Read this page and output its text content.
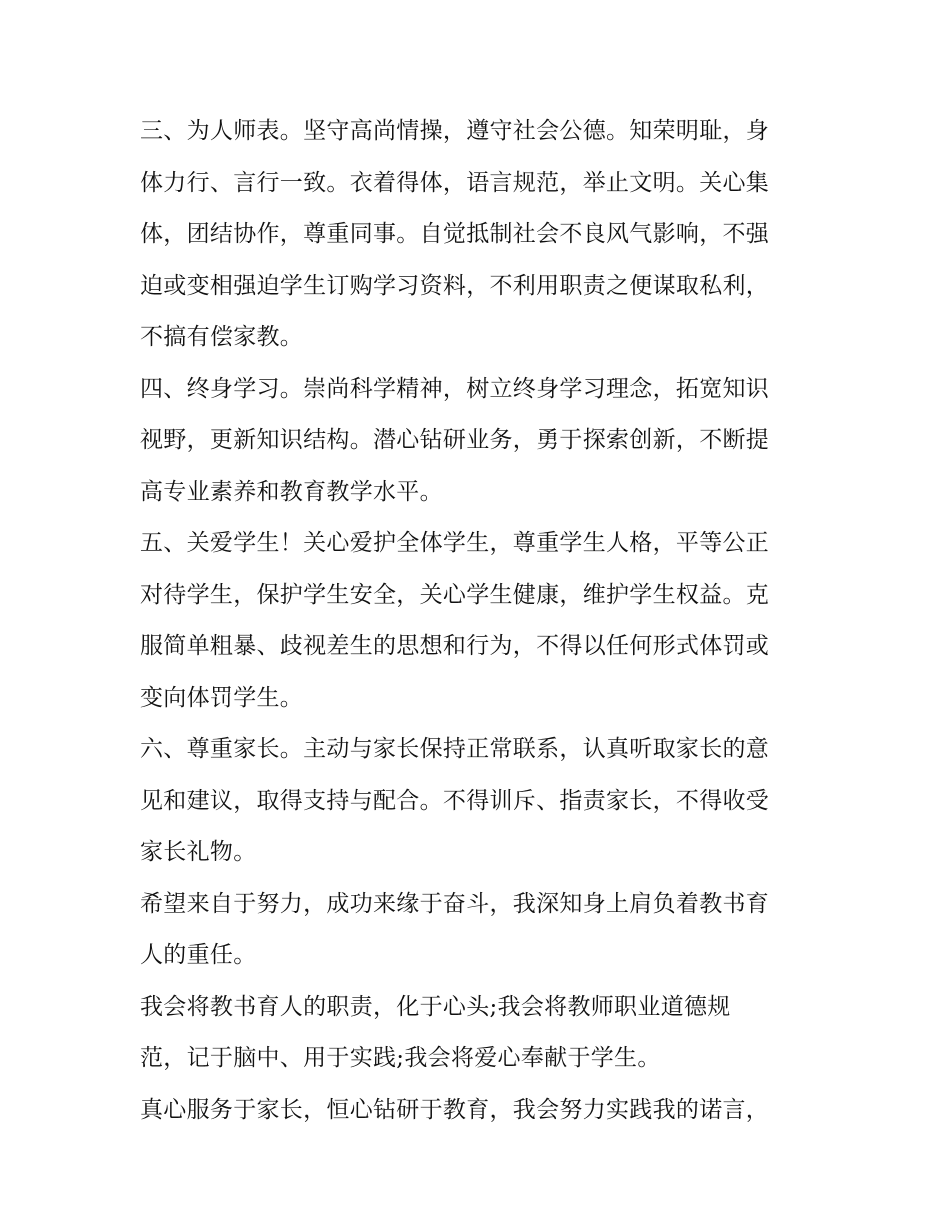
三、为人师表。坚守高尚情操，遵守社会公德。知荣明耻，身
体力行、言行一致。衣着得体，语言规范，举止文明。关心集
体，团结协作，尊重同事。自觉抵制社会不良风气影响，不强
迫或变相强迫学生订购学习资料，不利用职责之便谋取私利，
不搞有偿家教。
四、终身学习。崇尚科学精神，树立终身学习理念，拓宽知识
视野，更新知识结构。潜心钻研业务，勇于探索创新，不断提
高专业素养和教育教学水平。
五、关爱学生！关心爱护全体学生，尊重学生人格，平等公正
对待学生，保护学生安全，关心学生健康，维护学生权益。克
服简单粗暴、歧视差生的思想和行为，不得以任何形式体罚或
变向体罚学生。
六、尊重家长。主动与家长保持正常联系，认真听取家长的意
见和建议，取得支持与配合。不得训斥、指责家长，不得收受
家长礼物。
希望来自于努力，成功来缘于奋斗，我深知身上肩负着教书育
人的重任。
我会将教书育人的职责，化于心头;我会将教师职业道德规
范，记于脑中、用于实践;我会将爱心奉献于学生。
真心服务于家长，恒心钻研于教育，我会努力实践我的诺言，
